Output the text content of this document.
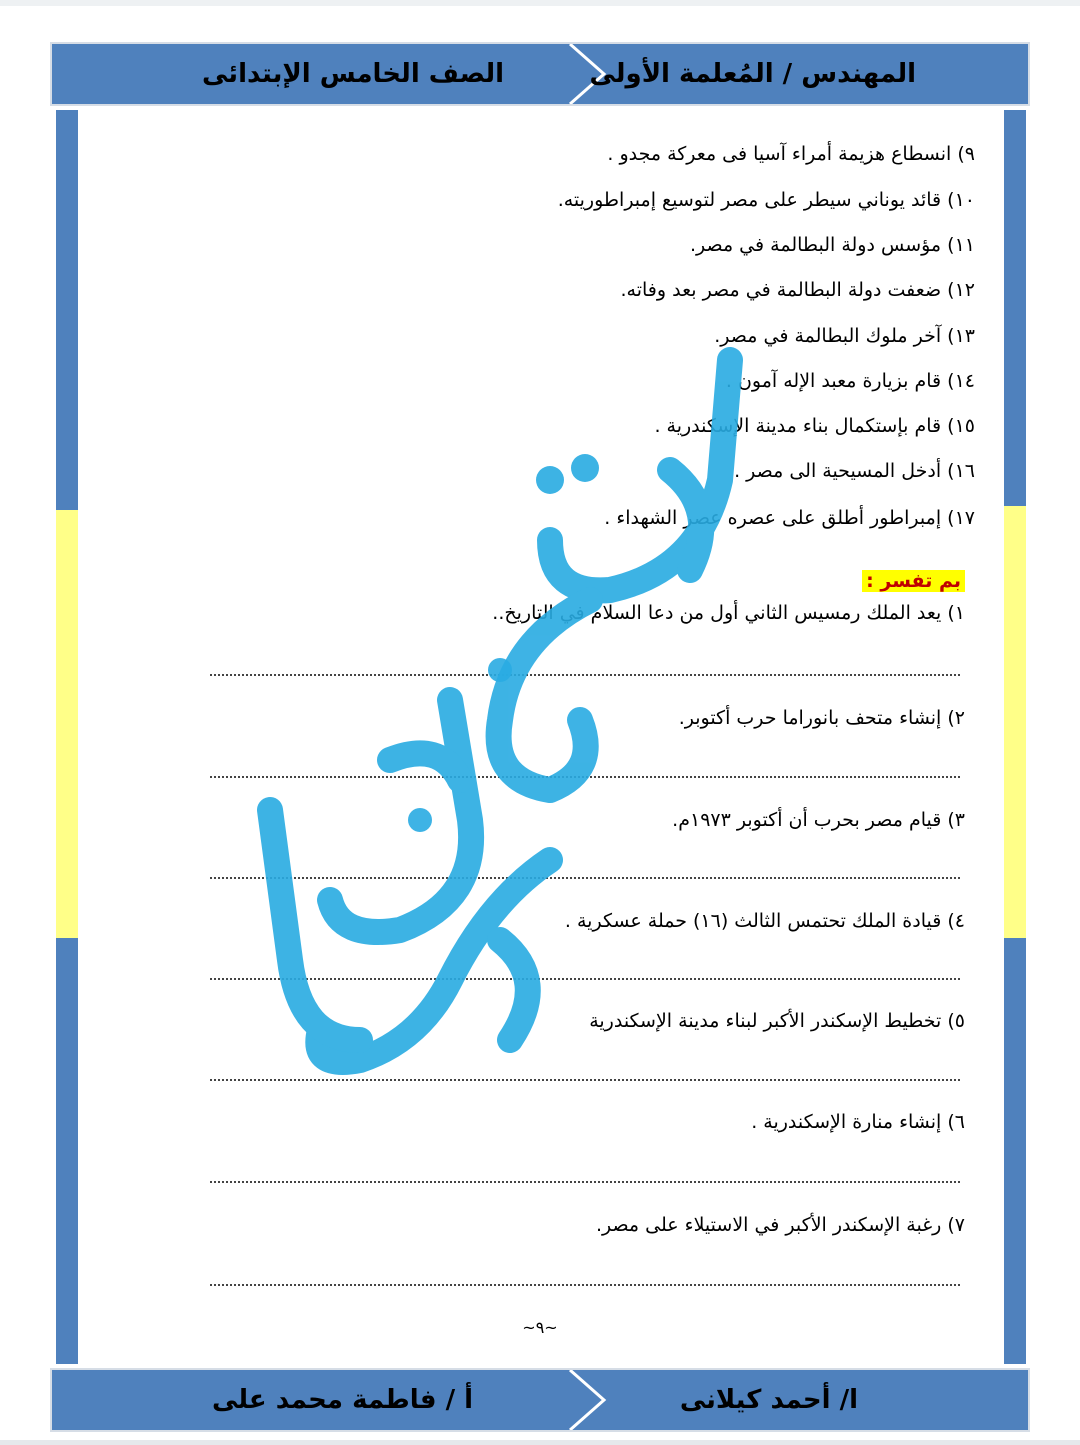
المهندس / المُعلمة الأولى
الصف الخامس الإبتدائى
ا/ أحمد كيلانى
أ / فاطمة محمد على
٩) انسطاع هزيمة أمراء آسيا فى معركة مجدو .
١٠) قائد يوناني سيطر على مصر لتوسيع إمبراطوريته.
١١) مؤسس دولة البطالمة في مصر.
١٢) ضعفت دولة البطالمة في مصر بعد وفاته.
١٣) آخر ملوك البطالمة في مصر.
١٤) قام بزيارة معبد الإله آمون .
١٥) قام بإستكمال بناء مدينة الإسكندرية .
١٦) أدخل المسيحية الى مصر .
١٧) إمبراطور أطلق على عصره عصر الشهداء .
بم تفسر :
١) يعد الملك رمسيس الثاني أول من دعا السلام في التاريخ..
٢) إنشاء متحف بانوراما حرب أكتوبر.
٣) قيام مصر بحرب أن أكتوبر ١٩٧٣م.
٤) قيادة الملك تحتمس الثالث (١٦) حملة عسكرية .
٥) تخطيط الإسكندر الأكبر لبناء مدينة الإسكندرية
٦) إنشاء منارة الإسكندرية .
٧) رغبة الإسكندر الأكبر في الاستيلاء على مصر.
~٩~
